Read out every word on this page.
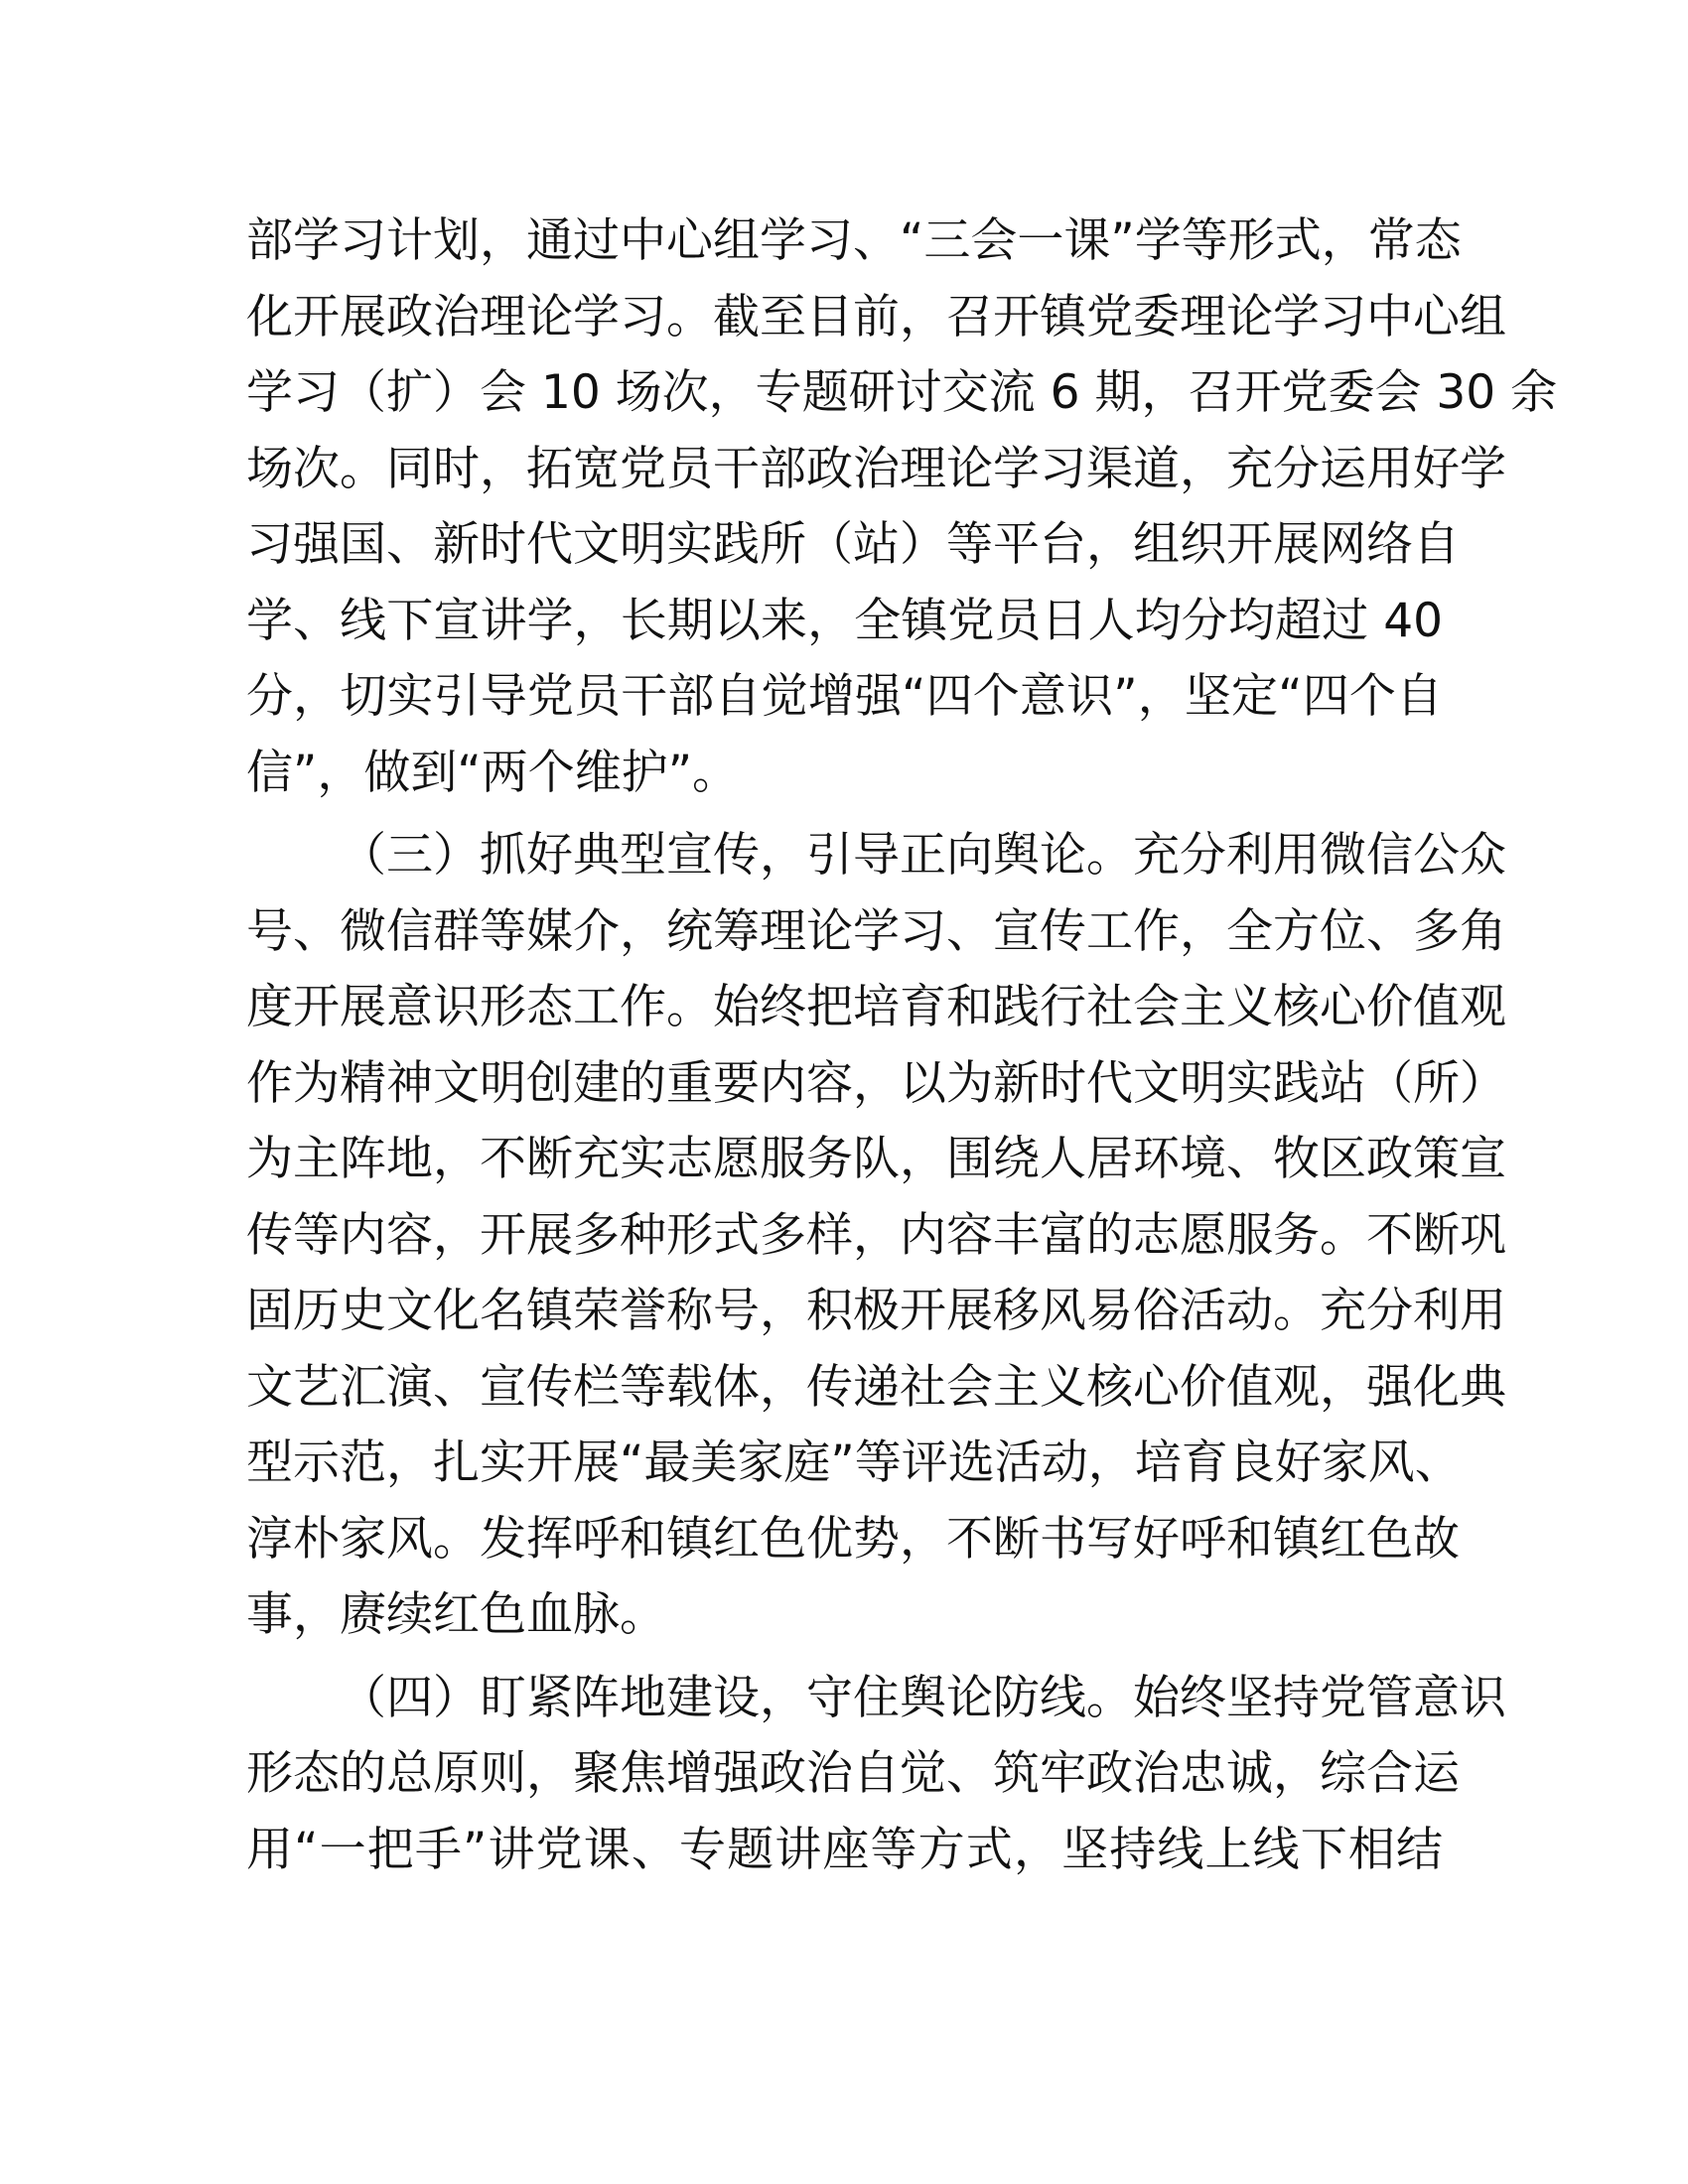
部学习计划，通过中心组学习、“三会一课”学等形式，常态
化开展政治理论学习。截至目前，召开镇党委理论学习中心组
学习（扩）会 10 场次，专题研讨交流 6 期，召开党委会 30 余
场次。同时，拓宽党员干部政治理论学习渠道，充分运用好学
习强国、新时代文明实践所（站）等平台，组织开展网络自
学、线下宣讲学，长期以来，全镇党员日人均分均超过 40
分，切实引导党员干部自觉增强“四个意识”，坚定“四个自
信”，做到“两个维护”。

（三）抓好典型宣传，引导正向舆论。充分利用微信公众
号、微信群等媒介，统筹理论学习、宣传工作，全方位、多角
度开展意识形态工作。始终把培育和践行社会主义核心价值观
作为精神文明创建的重要内容，以为新时代文明实践站（所）
为主阵地，不断充实志愿服务队，围绕人居环境、牧区政策宣
传等内容，开展多种形式多样，内容丰富的志愿服务。不断巩
固历史文化名镇荣誉称号，积极开展移风易俗活动。充分利用
文艺汇演、宣传栏等载体，传递社会主义核心价值观，强化典
型示范，扎实开展“最美家庭”等评选活动，培育良好家风、
淳朴家风。发挥呼和镇红色优势，不断书写好呼和镇红色故
事，赓续红色血脉。

（四）盯紧阵地建设，守住舆论防线。始终坚持党管意识
形态的总原则，聚焦增强政治自觉、筑牢政治忠诚，综合运
用“一把手”讲党课、专题讲座等方式，坚持线上线下相结
